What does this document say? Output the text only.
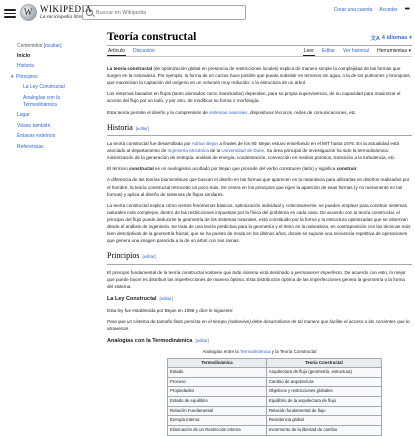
W
WIKIPEDIA
La enciclopedia libre
Buscar en Wikipedia
Crear una cuenta Acceder •••
Contenidos [ocultar]
Inicio
Historia
▾ Principios
La Ley Constructal
Analogías con la Termodinámica
Lugar
Véase también
Enlaces externos
Referencias
Teoría constructal	文A 4 idiomas ▾
Artículo Discusión	Leer Editar Ver historial Herramientas
▾

La teoría constructal (de optimización global en presencia de restricciones locales) explica de manera simple la complejidad de las formas que surgen en la naturaleza. Por ejemplo, la forma de un cactus hace posible que pueda subsistir en terrenos sin agua, o la de los pulmones y bronquios, que maximizan la captación del oxígeno en un volumen muy reducido; o la estructura de un árbol.

Los sistemas basados en flujos (tanto animados como inanimados) dependen, para su propia supervivencia, de su capacidad para maximizar el acceso del flujo por un lado, y por otro, de modificar su forma o morfología.

Esta teoría permite el diseño y la comprensión de sistemas naturales, dispositivos técnicos, redes de comunicaciones, etc.

Historia [editar]

La teoría constructal fue desarrollada por Adrian Bejan a finales de los 90. Bejan estuvo enseñando en el MIT hasta 1976. En la actualidad está asociado al departamento de Ingeniería Mecánica de la Universidad de Duke. Su área principal de investigación ha sido la termodinámica: minimización de la generación de entropía, análisis de energía, condensación, convección en medios porosos, transición a la turbulencia, etc.

El término constructal es un neologismo acuñado por Bejan que procede del verbo construere (latín) y significa construir.

A diferencia de las teorías biomiméticas que buscan el diseño en las formas que aparecen en la naturaleza para utilizarlas en diseños realizados por el hombre, la teoría constructal retrocede un poco más. Se centra en los principios que rigen la aparición de esas formas (y no meramente en las formas) y aplica al diseño de sistemas de flujos similares.

La teoría constructal explica cómo ciertos fenómenos básicos, optimización individual y colectivamente, se pueden emplear para construir sistemas naturales más complejos, dentro de las restricciones impuestas por la física del problema en cada caso. De acuerdo con la teoría constructal, el principio del flujo puede deducirse la geometría de los sistemas naturales, está constituido por la forma y la estructura optimizadas que se observan desde el análisis de ingeniería. Se trata de una teoría predictiva para la geometría y el ritmo en la naturaleza, en contraposición con las técnicas más bien descriptivas de la geometría fractal, que se ha puesto de moda en los últimos años, donde se supone una secuencia repetitiva de operaciones que genera una imagen parecida a la de un árbol con sus ramas.

Principios [editar]

El principio fundamental de la teoría constructal sostiene que todo sistema está destinado a permanecer imperfecto. De acuerdo con esto, lo mejor que puede hacer es distribuir las imperfecciones de manera óptima. Esta distribución óptima de las imperfecciones genera la geometría o la forma del sistema.

La Ley Constructal [editar]

Esta ley fue establecida por Bejan en 1996 y dice lo siguiente:

Para que un sistema de tamaño finito persista en el tiempo (sobrevive),debe desarrollarse de tal manera que facilite el acceso a las corrientes que lo atraviesan.

Analogías con la Termodinámica [editar]
Analogías entre la Termodinámica y la Teoría Constructal
Termodinámica	Teoría Constructal
Estado	Arquitectura de flujo (geometría, estructura)
Proceso	Cambio de arquitectura
Propiedades	Objetivos y restricciones globales
Estado de equilibrio	Equilibrio de la arquitectura de flujo
Relación Fundamental	Relación fundamental de flujo
Energía interna	Resistencia global
Eliminación de un Restricción interna	Incremento de la libertad de cambio
